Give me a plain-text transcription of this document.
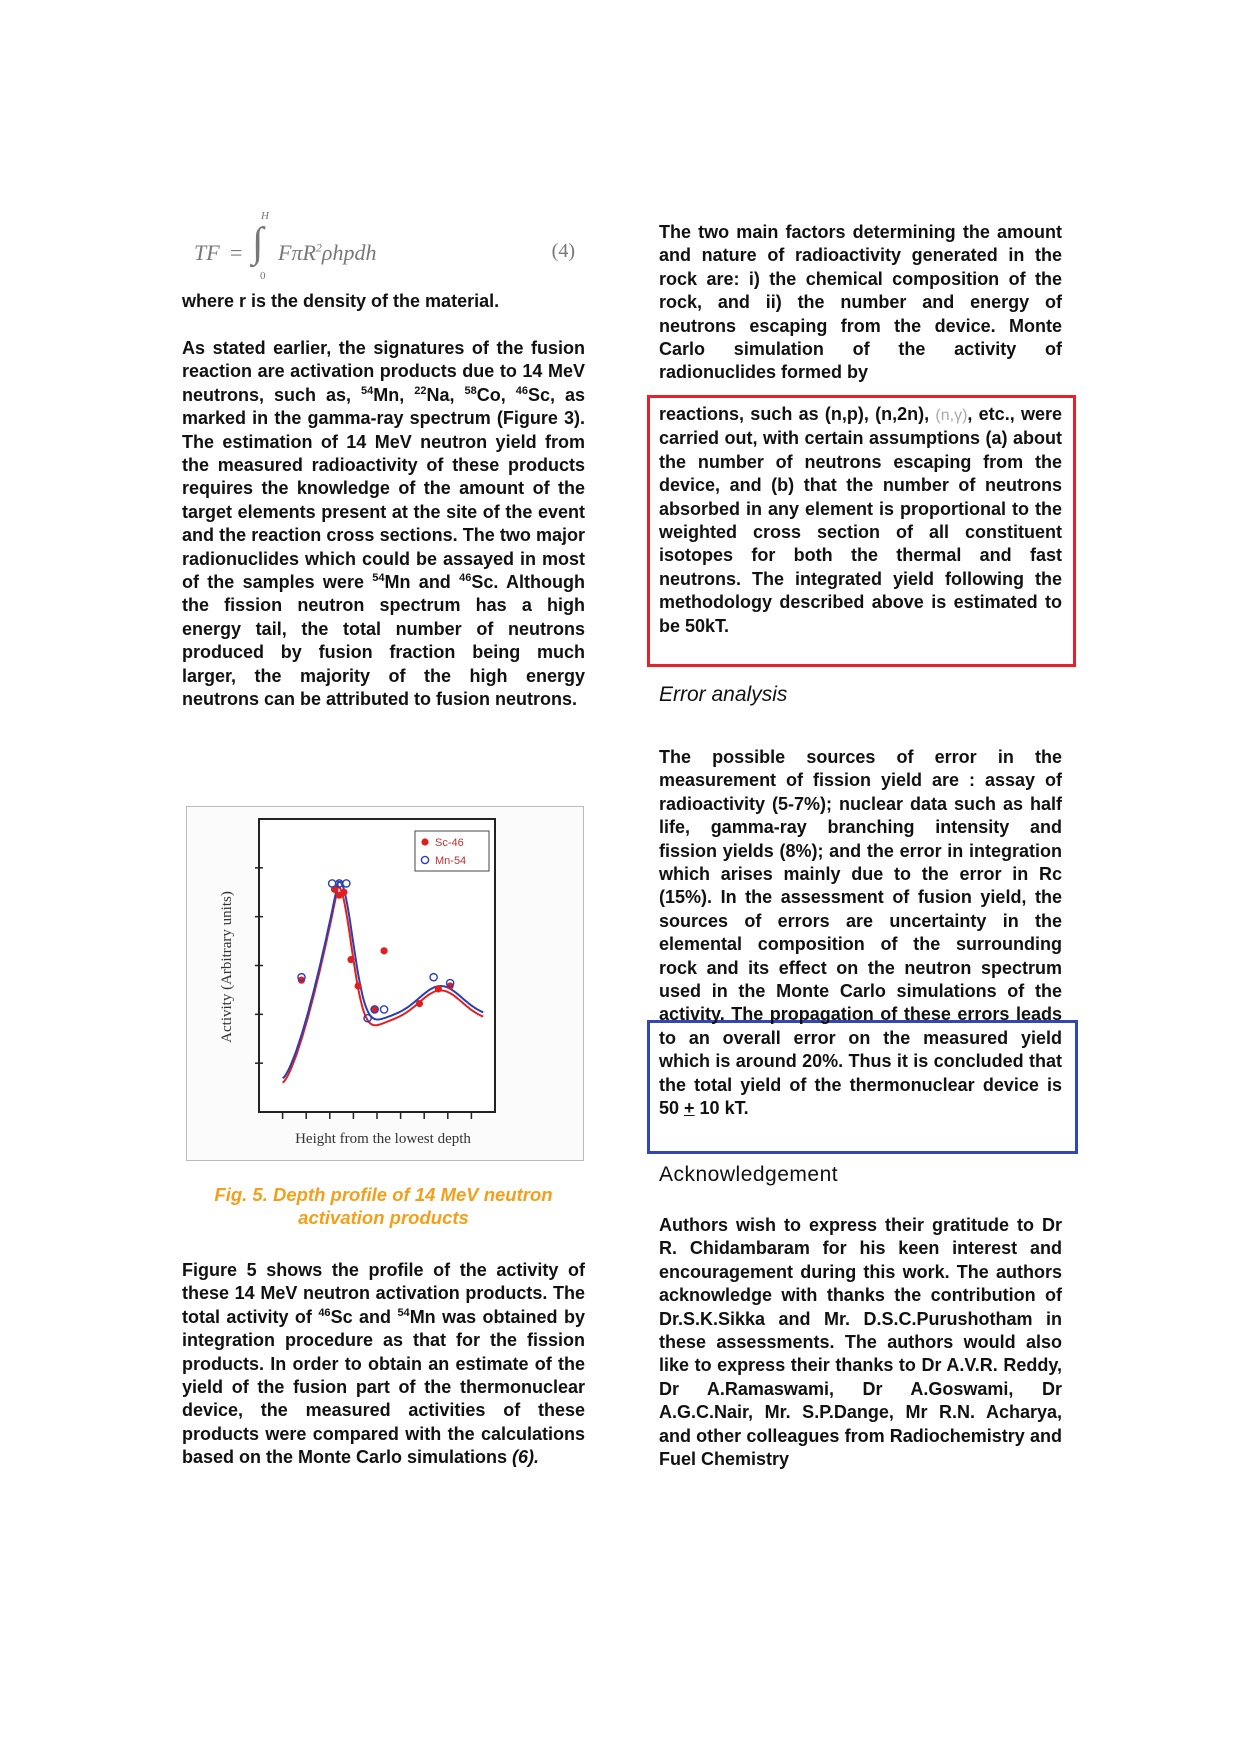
TF =
H
∫
0
FπR$^2$ρhpdh	(4)

where r is the density of the material.

As stated earlier, the signatures of the fusion reaction are activation products due to 14 MeV neutrons, such as, $^{54}$Mn, $^{22}$Na, $^{58}$Co, $^{46}$Sc, as marked in the gamma-ray spectrum (Figure 3). The estimation of 14 MeV neutron yield from the measured radioactivity of these products requires the knowledge of the amount of the target elements present at the site of the event and the reaction cross sections. The two major radionuclides which could be assayed in most of the samples were $^{54}$Mn and $^{46}$Sc. Although the fission neutron spectrum has a high energy tail, the total number of neutrons produced by fusion fraction being much larger, the majority of the high energy neutrons can be attributed to fusion neutrons.

Sc-46
Mn-54
Activity (Arbitrary units)
Height from the lowest depth
Fig. 5. Depth profile of 14 MeV neutron activation products

Figure 5 shows the profile of the activity of these 14 MeV neutron activation products. The total activity of $^{46}$Sc and $^{54}$Mn was obtained by integration procedure as that for the fission products. In order to obtain an estimate of the yield of the fusion part of the thermonuclear device, the measured activities of these products were compared with the calculations based on the Monte Carlo simulations (6).

The two main factors determining the amount and nature of radioactivity generated in the rock are: i) the chemical composition of the rock, and ii) the number and energy of neutrons escaping from the device. Monte Carlo simulation of the activity of radionuclides formed by

reactions, such as (n,p), (n,2n), (n,γ), etc., were carried out, with certain assumptions (a) about the number of neutrons escaping from the device, and (b) that the number of neutrons absorbed in any element is proportional to the weighted cross section of all constituent isotopes for both the thermal and fast neutrons. The integrated yield following the methodology described above is estimated to be 50kT.

Error analysis

The possible sources of error in the measurement of fission yield are : assay of radioactivity (5-7%); nuclear data such as half life, gamma-ray branching intensity and fission yields (8%); and the error in integration which arises mainly due to the error in Rc (15%). In the assessment of fusion yield, the sources of errors are uncertainty in the elemental composition of the surrounding rock and its effect on the neutron spectrum used in the Monte Carlo simulations of the activity. The propagation of these errors leads to an overall error on the measured yield which is around 20%. Thus it is concluded that the total yield of the thermonuclear device is 50 + 10 kT.

Acknowledgement

Authors wish to express their gratitude to Dr R. Chidambaram for his keen interest and encouragement during this work. The authors acknowledge with thanks the contribution of Dr.S.K.Sikka and Mr. D.S.C.Purushotham in these assessments. The authors would also like to express their thanks to Dr A.V.R. Reddy, Dr A.Ramaswami, Dr A.Goswami, Dr A.G.C.Nair, Mr. S.P.Dange, Mr R.N. Acharya, and other colleagues from Radiochemistry and Fuel Chemistry
